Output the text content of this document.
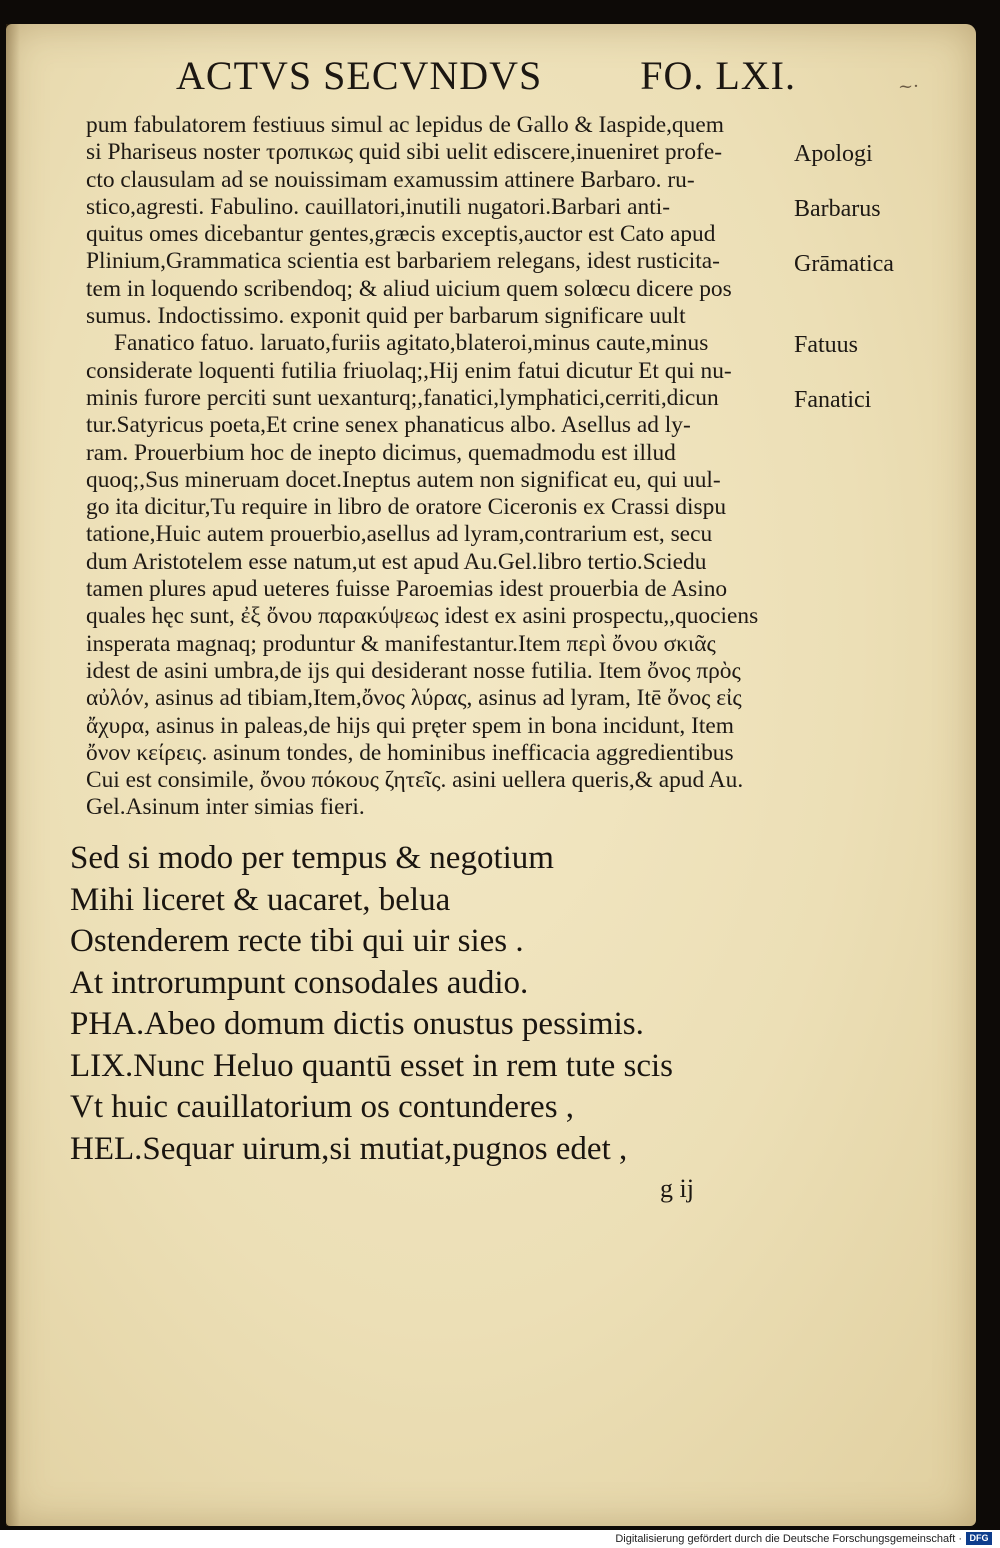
ACTVS SECVNDVS FO. LXI.	~·
pum fabulatorem festiuus simul ac lepidus de Gallo & Iaspide,quem
si Phariseus noster τροπικως quid sibi uelit ediscere,inueniret profe-
cto clausulam ad se nouissimam examussim attinere Barbaro. ru-
stico,agresti. Fabulino. cauillatori,inutili nugatori.Barbari anti-
quitus omes dicebantur gentes,græcis exceptis,auctor est Cato apud
Plinium,Grammatica scientia est barbariem relegans, idest rusticita-
tem in loquendo scribendoq; & aliud uicium quem solœcu dicere pos
sumus. Indoctissimo. exponit quid per barbarum significare uult
Fanatico fatuo. laruato,furiis agitato,blateroi,minus caute,minus
considerate loquenti futilia friuolaq;,Hij enim fatui dicutur Et qui nu-
minis furore perciti sunt uexanturq;,fanatici,lymphatici,cerriti,dicun
tur.Satyricus poeta,Et crine senex phanaticus albo. Asellus ad ly-
ram. Prouerbium hoc de inepto dicimus, quemadmodu est illud
quoq;,Sus mineruam docet.Ineptus autem non significat eu, qui uul-
go ita dicitur,Tu require in libro de oratore Ciceronis ex Crassi dispu
tatione,Huic autem prouerbio,asellus ad lyram,contrarium est, secu
dum Aristotelem esse natum,ut est apud Au.Gel.libro tertio.Sciedu
tamen plures apud ueteres fuisse Paroemias idest prouerbia de Asino
quales hęc sunt, ἐξ ὄνου παρακύψεως idest ex asini prospectu,,quociens
insperata magnaq; produntur & manifestantur.Item περὶ ὄνου σκιᾶς
idest de asini umbra,de ijs qui desiderant nosse futilia. Item ὄνος πρὸς
αὐλόν, asinus ad tibiam,Item,ὄνος λύρας, asinus ad lyram, Itē ὄνος εἰς
ἄχυρα, asinus in paleas,de hijs qui pręter spem in bona incidunt, Item
ὄνον κείρεις. asinum tondes, de hominibus inefficacia aggredientibus
Cui est consimile, ὄνου πόκους ζητεῖς. asini uellera queris,& apud Au.
Gel.Asinum inter simias fieri.
Apologi
Barbarus
Grāmatica
Fatuus
Fanatici
Sed si modo per tempus & negotium
Mihi liceret & uacaret, belua
Ostenderem recte tibi qui uir sies .
At introrumpunt consodales audio.
PHA.Abeo domum dictis onustus pessimis.
LIX.Nunc Heluo quantū esset in rem tute scis
Vt huic cauillatorium os contunderes ,
HEL.Sequar uirum,si mutiat,pugnos edet ,
g ij
Digitalisierung gefördert durch die Deutsche Forschungsgemeinschaft · DFG
